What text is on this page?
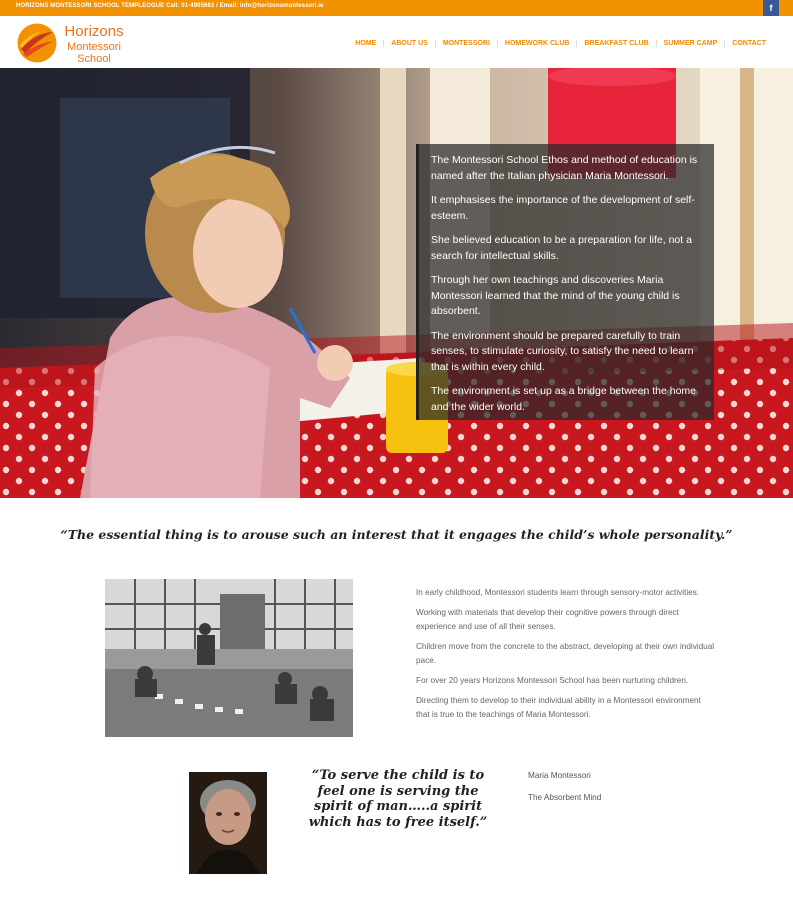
HORIZONS MONTESSORI SCHOOL TEMPLEOGUE Call: 01-4905663 / Email: info@horizonsmontessori.ie	f
Horizons
Montessori
School
HOME	ABOUT US	MONTESSORI	HOMEWORK CLUB	BREAKFAST CLUB	SUMMER CAMP	CONTACT

The Montessori School Ethos and method of education is named after the Italian physician Maria Montessori.

It emphasises the importance of the development of self-esteem.

She believed education to be a preparation for life, not a search for intellectual skills.

Through her own teachings and discoveries Maria Montessori learned that the mind of the young child is absorbent.

The environment should be prepared carefully to train senses, to stimulate curiosity, to satisfy the need to learn that is within every child.

The environment is set up as a bridge between the home and the wider world.

“The essential thing is to arouse such an interest that it engages the child’s whole personality.”

In early childhood, Montessori students learn through sensory-motor activities.

Working with materials that develop their cognitive powers through direct experience and use of all their senses.

Children move from the concrete to the abstract, developing at their own individual pace.

For over 20 years Horizons Montessori School has been nurturing children.

Directing them to develop to their individual ability in a Montessori environment that is true to the teachings of Maria Montessori.

“To serve the child is to feel one is serving the spirit of man…..a spirit which has to free itself.”

Maria Montessori

The Absorbent Mind
